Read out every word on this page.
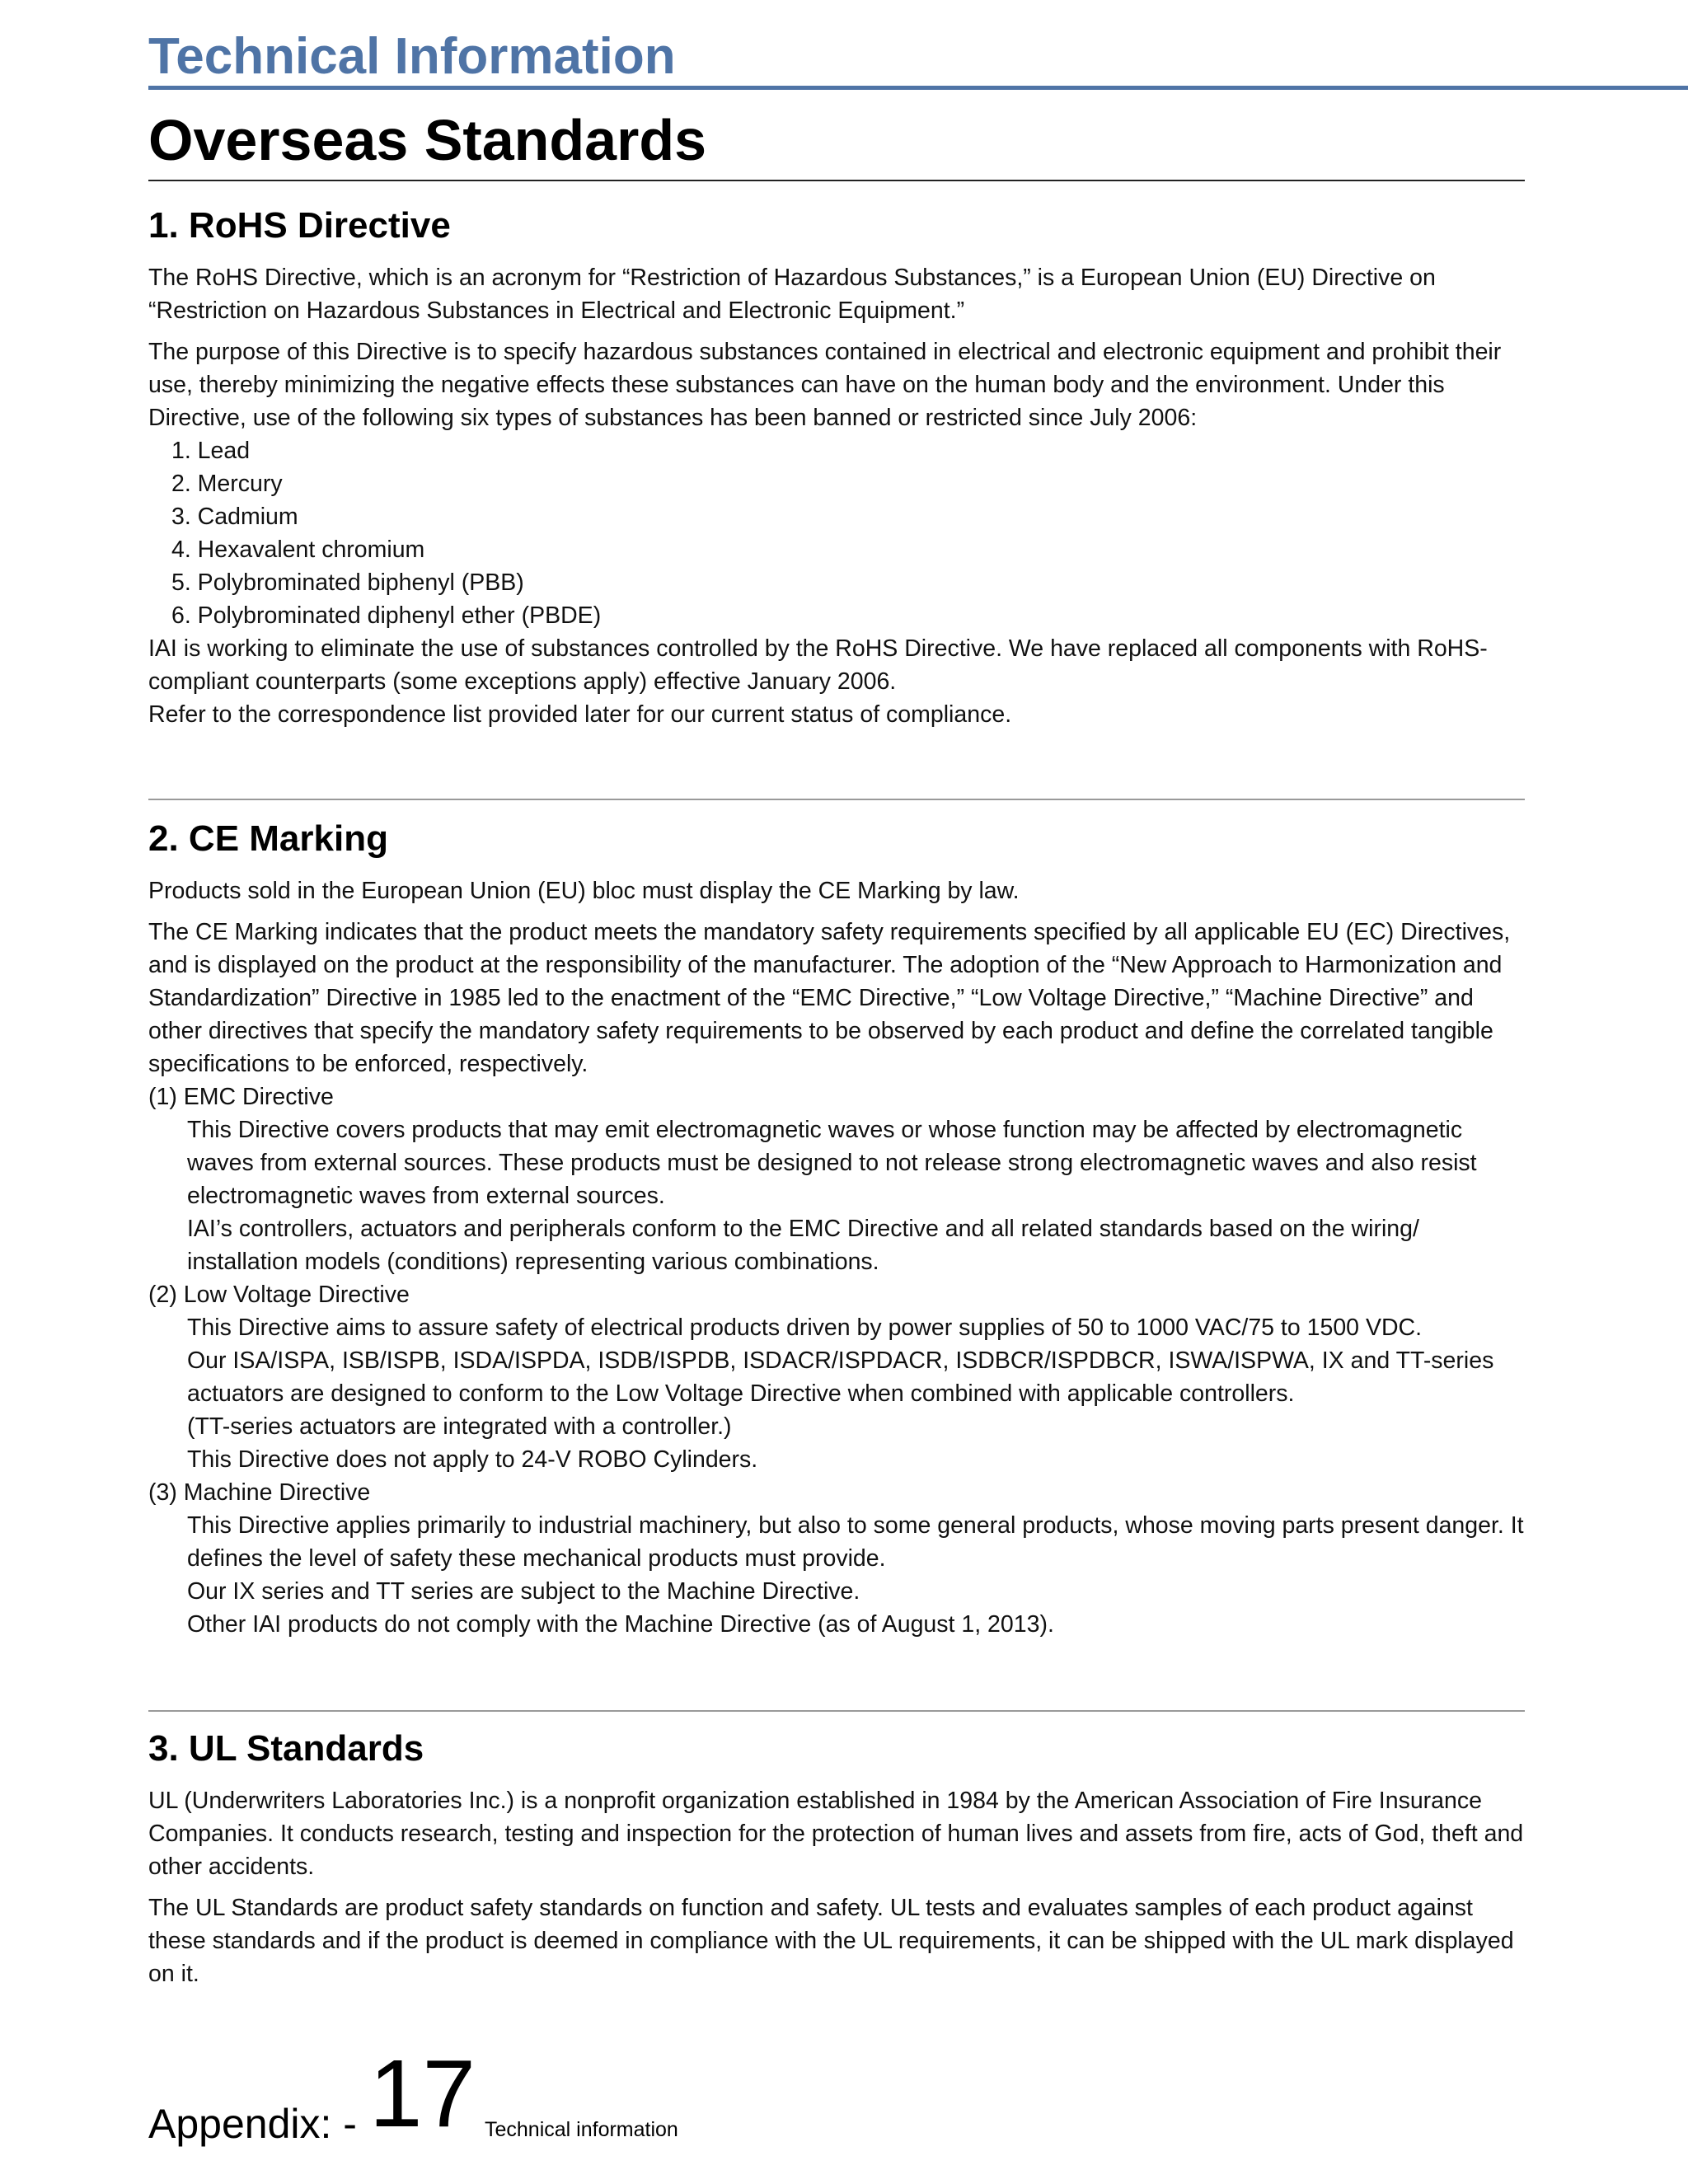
Technical Information
Overseas Standards
1. RoHS Directive

The RoHS Directive, which is an acronym for “Restriction of Hazardous Substances,” is a European Union (EU) Directive on “Restriction on Hazardous Substances in Electrical and Electronic Equipment.”

The purpose of this Directive is to specify hazardous substances contained in electrical and electronic equipment and prohibit their use, thereby minimizing the negative effects these substances can have on the human body and the environment. Under this Directive, use of the following six types of substances has been banned or restricted since July 2006:

1. Lead

2. Mercury

3. Cadmium

4. Hexavalent chromium

5. Polybrominated biphenyl (PBB)

6. Polybrominated diphenyl ether (PBDE)

IAI is working to eliminate the use of substances controlled by the RoHS Directive. We have replaced all components with RoHS-compliant counterparts (some exceptions apply) effective January 2006.

Refer to the correspondence list provided later for our current status of compliance.

2. CE Marking

Products sold in the European Union (EU) bloc must display the CE Marking by law.

The CE Marking indicates that the product meets the mandatory safety requirements specified by all applicable EU (EC) Directives, and is displayed on the product at the responsibility of the manufacturer. The adoption of the “New Approach to Harmonization and Standardization” Directive in 1985 led to the enactment of the “EMC Directive,” “Low Voltage Directive,” “Machine Directive” and other directives that specify the mandatory safety requirements to be observed by each product and define the correlated tangible specifications to be enforced, respectively.

(1) EMC Directive

This Directive covers products that may emit electromagnetic waves or whose function may be affected by electromagnetic waves from external sources. These products must be designed to not release strong electromagnetic waves and also resist electromagnetic waves from external sources.

IAI’s controllers, actuators and peripherals conform to the EMC Directive and all related standards based on the wiring/ installation models (conditions) representing various combinations.

(2) Low Voltage Directive

This Directive aims to assure safety of electrical products driven by power supplies of 50 to 1000 VAC/75 to 1500 VDC.

Our ISA/ISPA, ISB/ISPB, ISDA/ISPDA, ISDB/ISPDB, ISDACR/ISPDACR, ISDBCR/ISPDBCR, ISWA/ISPWA, IX and TT-series actuators are designed to conform to the Low Voltage Directive when combined with applicable controllers.

(TT-series actuators are integrated with a controller.)

This Directive does not apply to 24-V ROBO Cylinders.

(3) Machine Directive

This Directive applies primarily to industrial machinery, but also to some general products, whose moving parts present danger. It defines the level of safety these mechanical products must provide.

Our IX series and TT series are subject to the Machine Directive.

Other IAI products do not comply with the Machine Directive (as of August 1, 2013).

3. UL Standards

UL (Underwriters Laboratories Inc.) is a nonprofit organization established in 1984 by the American Association of Fire Insurance Companies. It conducts research, testing and inspection for the protection of human lives and assets from fire, acts of God, theft and other accidents.

The UL Standards are product safety standards on function and safety. UL tests and evaluates samples of each product against these standards and if the product is deemed in compliance with the UL requirements, it can be shipped with the UL mark displayed on it.

Appendix: - 17 Technical information
